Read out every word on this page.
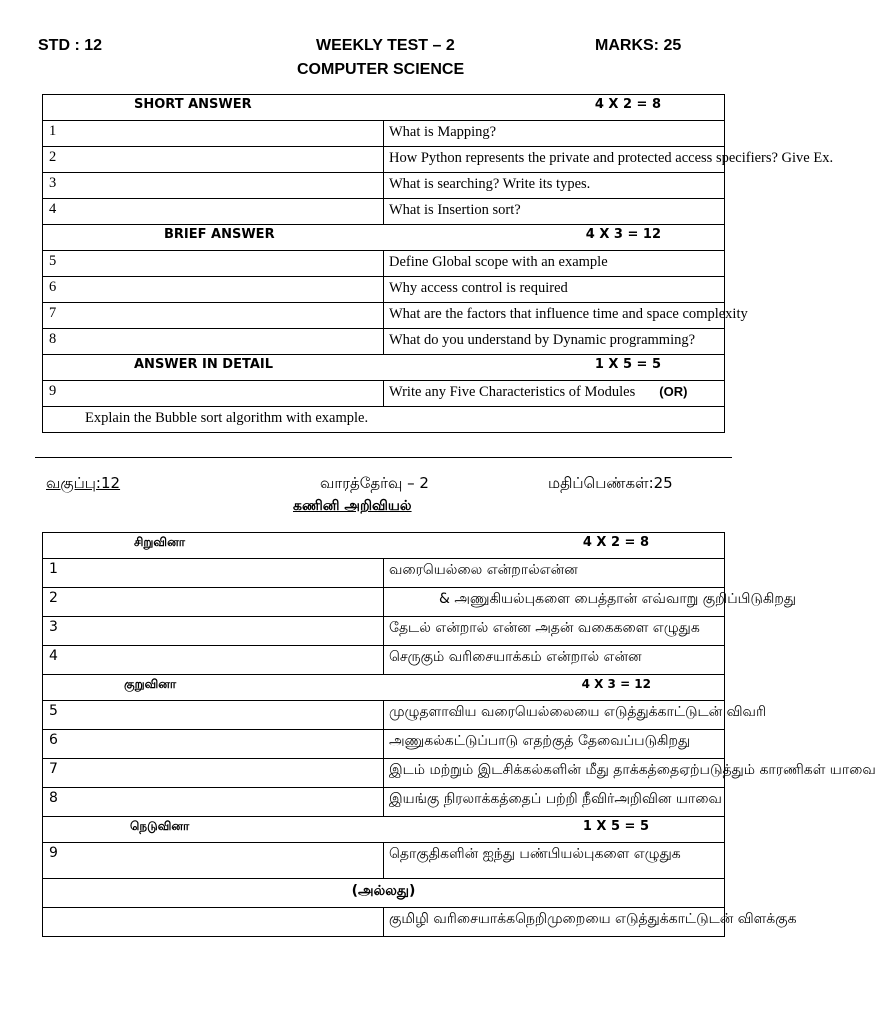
STD : 12	WEEKLY TEST – 2	MARKS: 25
COMPUTER SCIENCE
SHORT ANSWER 4 X 2 = 8	

1	What is Mapping?
2	How Python represents the private and protected access specifiers? Give Ex.
3	What is searching? Write its types.
4	What is Insertion sort?
BRIEF ANSWER 4 X 3 = 12	

5	Define Global scope with an example
6	Why access control is required
7	What are the factors that influence time and space complexity
8	What do you understand by Dynamic programming?
ANSWER IN DETAIL 1 X 5 = 5	

9	Write any Five Characteristics of Modules (OR)
Explain the Bubble sort algorithm with example.	
வகுப்பு:12	வாரத்தேர்வு – 2	மதிப்பெண்கள்:25
கணினி அறிவியல்
சிறுவினா 4 X 2 = 8	

1	வரையெல்லை என்றால்என்ன
2	& அணுகியல்புகளை பைத்தான் எவ்வாறு குறிப்பிடுகிறது
3	தேடல் என்றால் என்ன அதன் வகைகளை எழுதுக
4	செருகும் வரிசையாக்கம் என்றால் என்ன
குறுவினா 4 X 3 = 12	

5	முழுதளாவிய வரையெல்லையை எடுத்துக்காட்டுடன் விவரி
6	அணுகல்கட்டுப்பாடு எதற்குத் தேவைப்படுகிறது
7	இடம் மற்றும் இடசிக்கல்களின் மீது தாக்கத்தைஏற்படுத்தும் காரணிகள் யாவை
8	இயங்கு நிரலாக்கத்தைப் பற்றி நீவிர்அறிவின யாவை
நெடுவினா 1 X 5 = 5	

9	தொகுதிகளின் ஐந்து பண்பியல்புகளை எழுதுக
(அல்லது)	
	குமிழி வரிசையாக்கநெறிமுறையை எடுத்துக்காட்டுடன் விளக்குக
